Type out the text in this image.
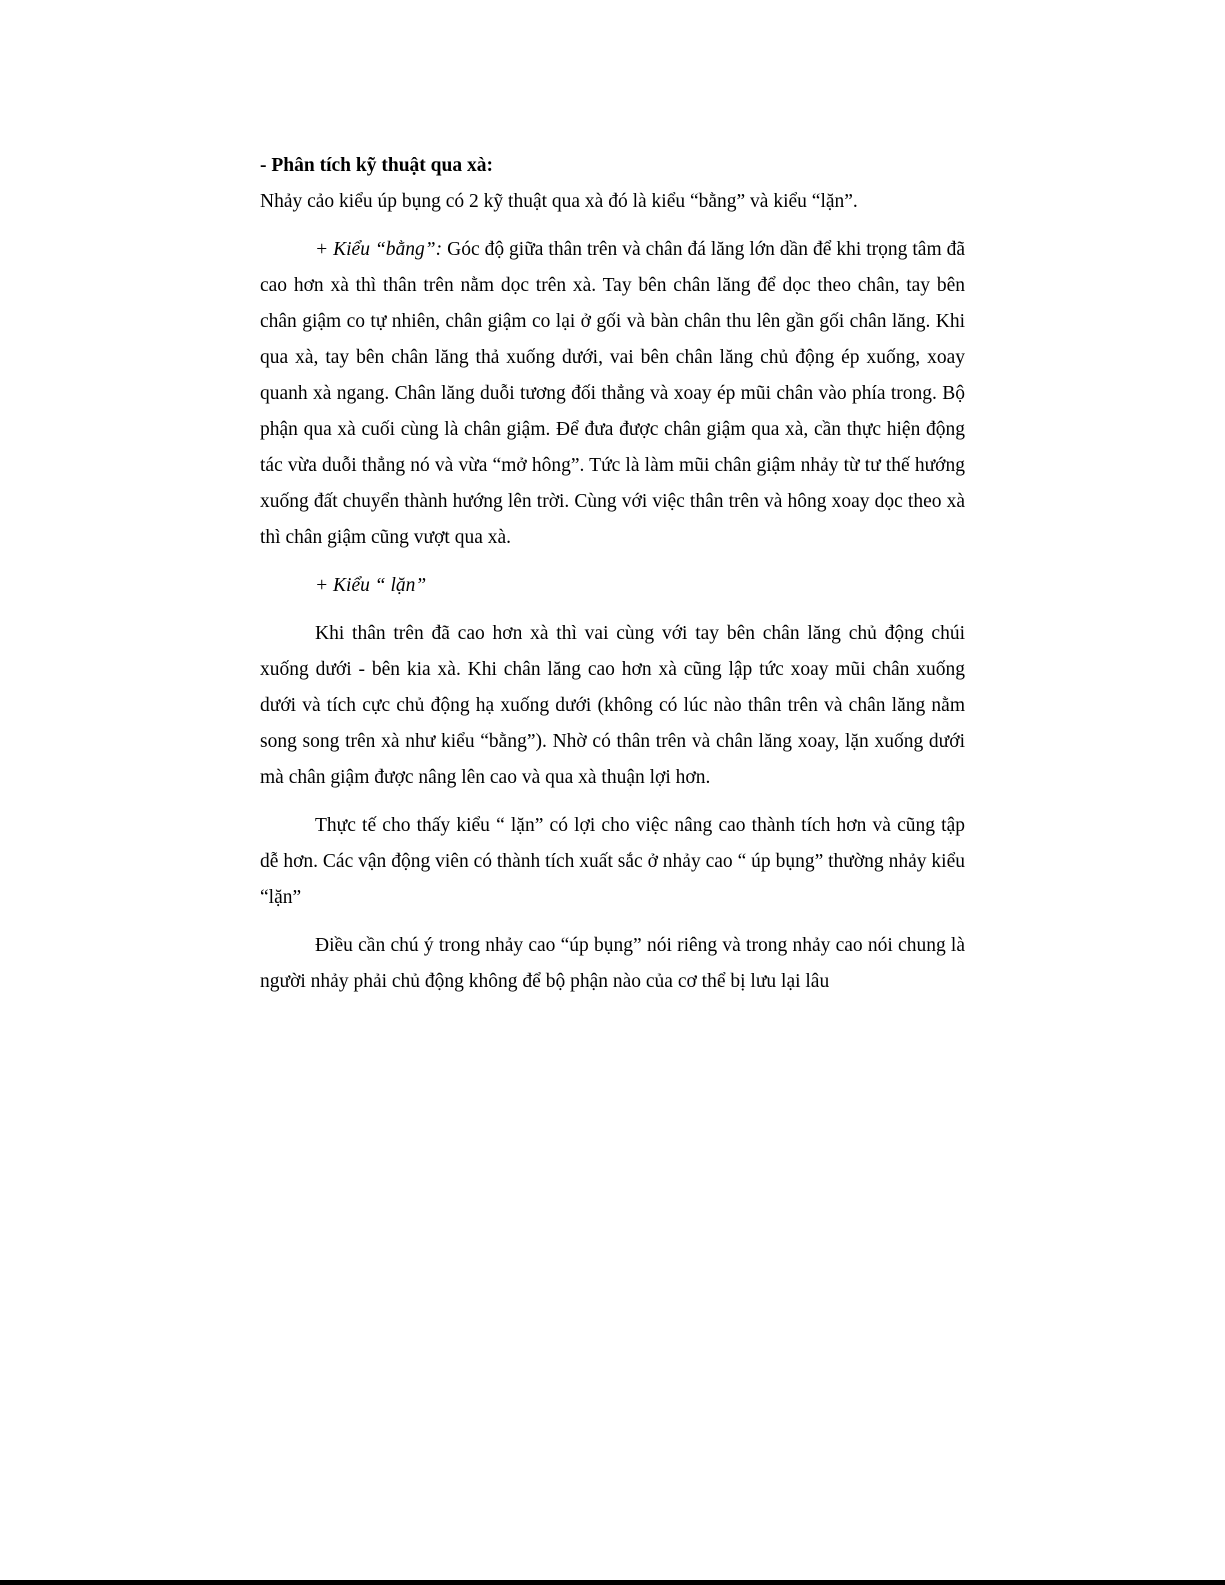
- Phân tích kỹ thuật qua xà:

Nhảy cảo kiểu úp bụng có 2 kỹ thuật qua xà đó là kiểu “bằng” và kiểu “lặn”.

+ Kiểu “bằng”: Góc độ giữa thân trên và chân đá lăng lớn dần để khi trọng tâm đã cao hơn xà thì thân trên nằm dọc trên xà. Tay bên chân lăng để dọc theo chân, tay bên chân giậm co tự nhiên, chân giậm co lại ở gối và bàn chân thu lên gần gối chân lăng. Khi qua xà, tay bên chân lăng thả xuống dưới, vai bên chân lăng chủ động ép xuống, xoay quanh xà ngang. Chân lăng duỗi tương đối thẳng và xoay ép mũi chân vào phía trong. Bộ phận qua xà cuối cùng là chân giậm. Để đưa được chân giậm qua xà, cần thực hiện động tác vừa duỗi thẳng nó và vừa “mở hông”. Tức là làm mũi chân giậm nhảy từ tư thế hướng xuống đất chuyển thành hướng lên trời. Cùng với việc thân trên và hông xoay dọc theo xà thì chân giậm cũng vượt qua xà.

+ Kiểu “ lặn”

Khi thân trên đã cao hơn xà thì vai cùng với tay bên chân lăng chủ động chúi xuống dưới - bên kia xà. Khi chân lăng cao hơn xà cũng lập tức xoay mũi chân xuống dưới và tích cực chủ động hạ xuống dưới (không có lúc nào thân trên và chân lăng nằm song song trên xà như kiểu “bằng”). Nhờ có thân trên và chân lăng xoay, lặn xuống dưới mà chân giậm được nâng lên cao và qua xà thuận lợi hơn.

Thực tế cho thấy kiểu “ lặn” có lợi cho việc nâng cao thành tích hơn và cũng tập dễ hơn. Các vận động viên có thành tích xuất sắc ở nhảy cao “ úp bụng” thường nhảy kiểu “lặn”

Điều cần chú ý trong nhảy cao “úp bụng” nói riêng và trong nhảy cao nói chung là người nhảy phải chủ động không để bộ phận nào của cơ thể bị lưu lại lâu
